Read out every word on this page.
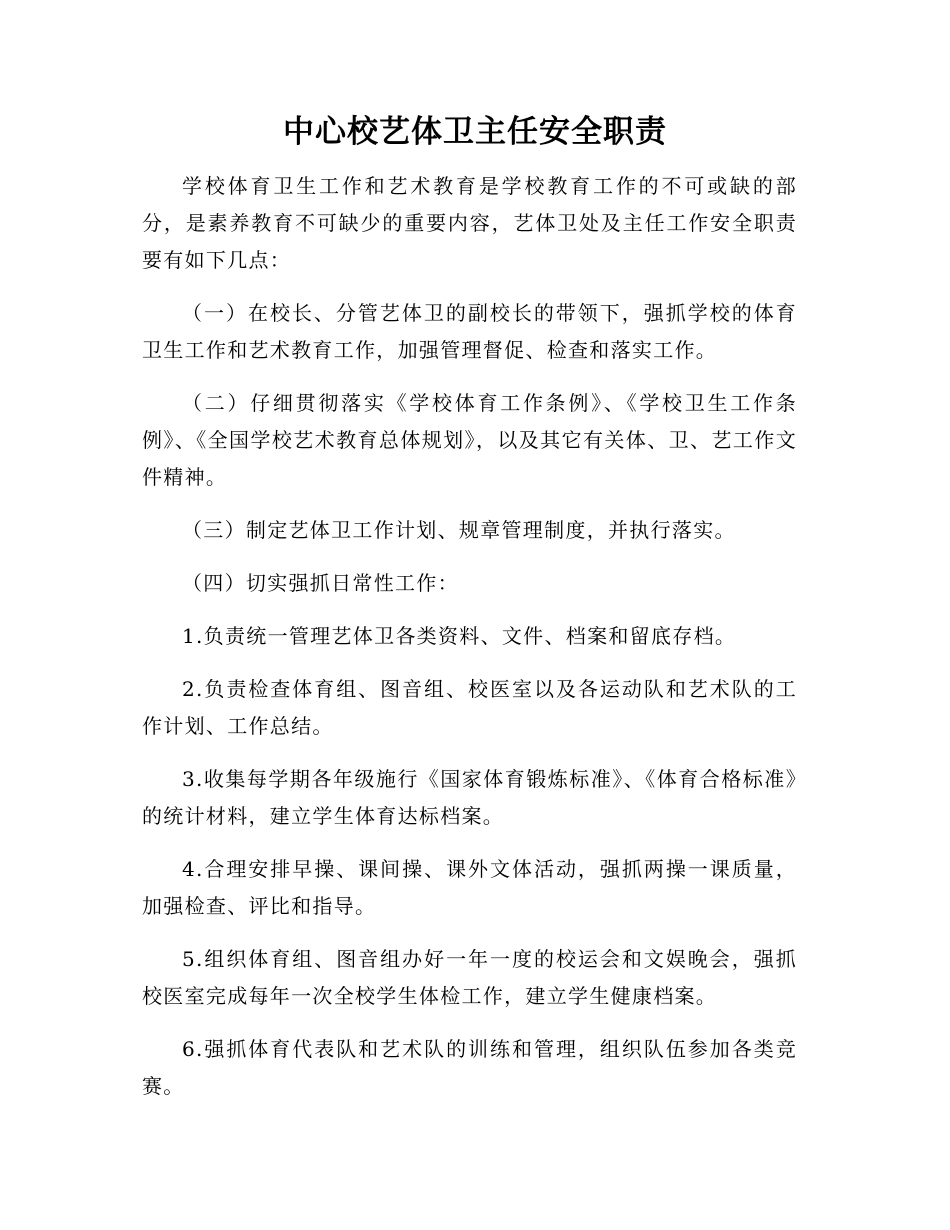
中心校艺体卫主任安全职责

学校体育卫生工作和艺术教育是学校教育工作的不可或缺的部分，是素养教育不可缺少的重要内容，艺体卫处及主任工作安全职责要有如下几点：

（一）在校长、分管艺体卫的副校长的带领下，强抓学校的体育卫生工作和艺术教育工作，加强管理督促、检查和落实工作。

（二）仔细贯彻落实《学校体育工作条例》、《学校卫生工作条例》、《全国学校艺术教育总体规划》，以及其它有关体、卫、艺工作文件精神。

（三）制定艺体卫工作计划、规章管理制度，并执行落实。

（四）切实强抓日常性工作：

1.负责统一管理艺体卫各类资料、文件、档案和留底存档。

2.负责检查体育组、图音组、校医室以及各运动队和艺术队的工作计划、工作总结。

3.收集每学期各年级施行《国家体育锻炼标准》、《体育合格标准》的统计材料，建立学生体育达标档案。

4.合理安排早操、课间操、课外文体活动，强抓两操一课质量，加强检查、评比和指导。

5.组织体育组、图音组办好一年一度的校运会和文娱晚会，强抓校医室完成每年一次全校学生体检工作，建立学生健康档案。

6.强抓体育代表队和艺术队的训练和管理，组织队伍参加各类竞赛。
